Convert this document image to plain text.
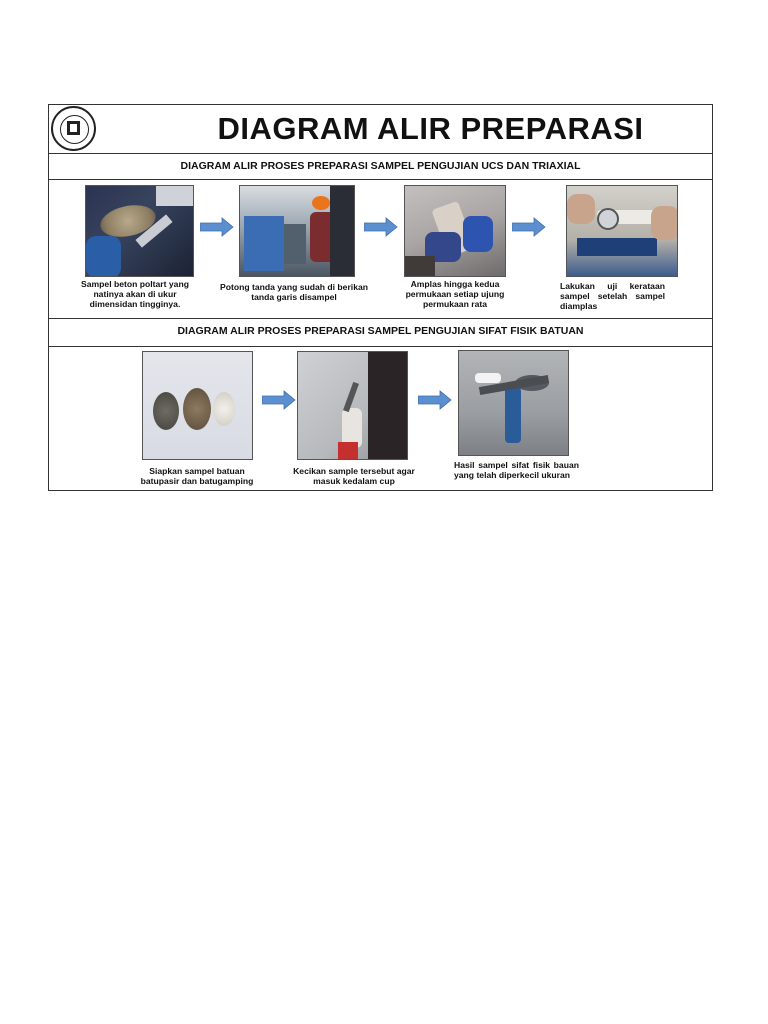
DIAGRAM ALIR PREPARASI
DIAGRAM ALIR PROSES PREPARASI SAMPEL PENGUJIAN UCS DAN TRIAXIAL
Sampel beton poltart yang natinya akan di ukur dimensidan tingginya.
Potong tanda yang sudah di berikan tanda garis disampel
Amplas hingga kedua permukaan setiap ujung permukaan rata
Lakukan uji kerataan sampel setelah sampel diamplas
DIAGRAM ALIR PROSES PREPARASI SAMPEL PENGUJIAN SIFAT FISIK BATUAN
Siapkan sampel batuan batupasir dan batugamping
Kecikan sample tersebut agar masuk kedalam cup
Hasil sampel sifat fisik bauan yang telah diperkecil ukuran
